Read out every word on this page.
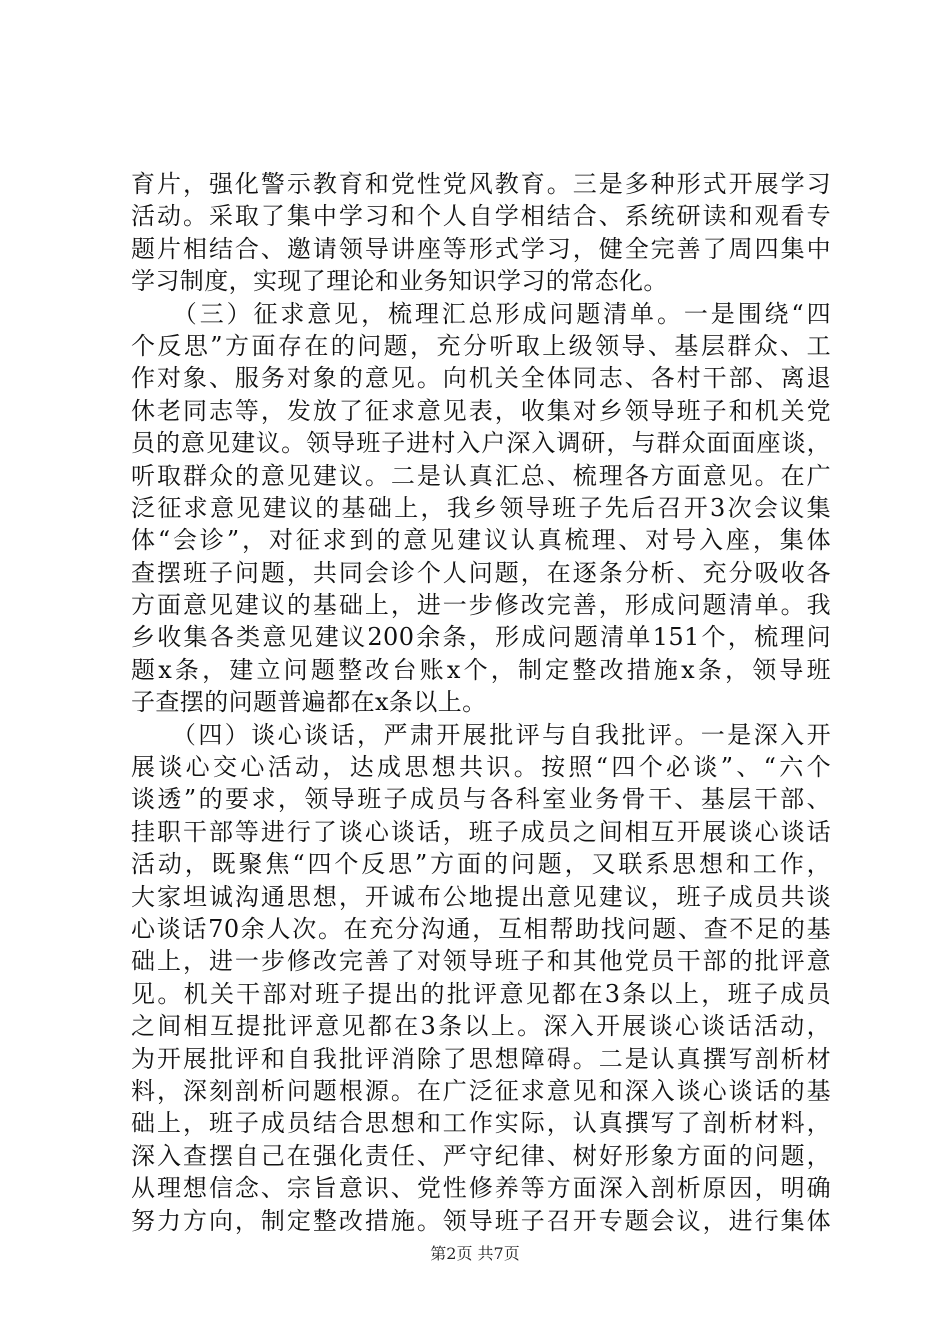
育片，强化警示教育和党性党风教育。三是多种形式开展学习
活动。采取了集中学习和个人自学相结合、系统研读和观看专
题片相结合、邀请领导讲座等形式学习，健全完善了周四集中
学习制度，实现了理论和业务知识学习的常态化。
　　（三）征求意见，梳理汇总形成问题清单。一是围绕“四
个反思”方面存在的问题，充分听取上级领导、基层群众、工
作对象、服务对象的意见。向机关全体同志、各村干部、离退
休老同志等，发放了征求意见表，收集对乡领导班子和机关党
员的意见建议。领导班子进村入户深入调研，与群众面面座谈，
听取群众的意见建议。二是认真汇总、梳理各方面意见。在广
泛征求意见建议的基础上，我乡领导班子先后召开3次会议集
体“会诊”，对征求到的意见建议认真梳理、对号入座，集体
查摆班子问题，共同会诊个人问题，在逐条分析、充分吸收各
方面意见建议的基础上，进一步修改完善，形成问题清单。我
乡收集各类意见建议200余条，形成问题清单151个，梳理问
题x条，建立问题整改台账x个，制定整改措施x条，领导班
子查摆的问题普遍都在x条以上。
　　（四）谈心谈话，严肃开展批评与自我批评。一是深入开
展谈心交心活动，达成思想共识。按照“四个必谈”、“六个
谈透”的要求，领导班子成员与各科室业务骨干、基层干部、
挂职干部等进行了谈心谈话，班子成员之间相互开展谈心谈话
活动，既聚焦“四个反思”方面的问题，又联系思想和工作，
大家坦诚沟通思想，开诚布公地提出意见建议，班子成员共谈
心谈话70余人次。在充分沟通，互相帮助找问题、查不足的基
础上，进一步修改完善了对领导班子和其他党员干部的批评意
见。机关干部对班子提出的批评意见都在3条以上，班子成员
之间相互提批评意见都在3条以上。深入开展谈心谈话活动，
为开展批评和自我批评消除了思想障碍。二是认真撰写剖析材
料，深刻剖析问题根源。在广泛征求意见和深入谈心谈话的基
础上，班子成员结合思想和工作实际，认真撰写了剖析材料，
深入查摆自己在强化责任、严守纪律、树好形象方面的问题，
从理想信念、宗旨意识、党性修养等方面深入剖析原因，明确
努力方向，制定整改措施。领导班子召开专题会议，进行集体
第2页 共7页
